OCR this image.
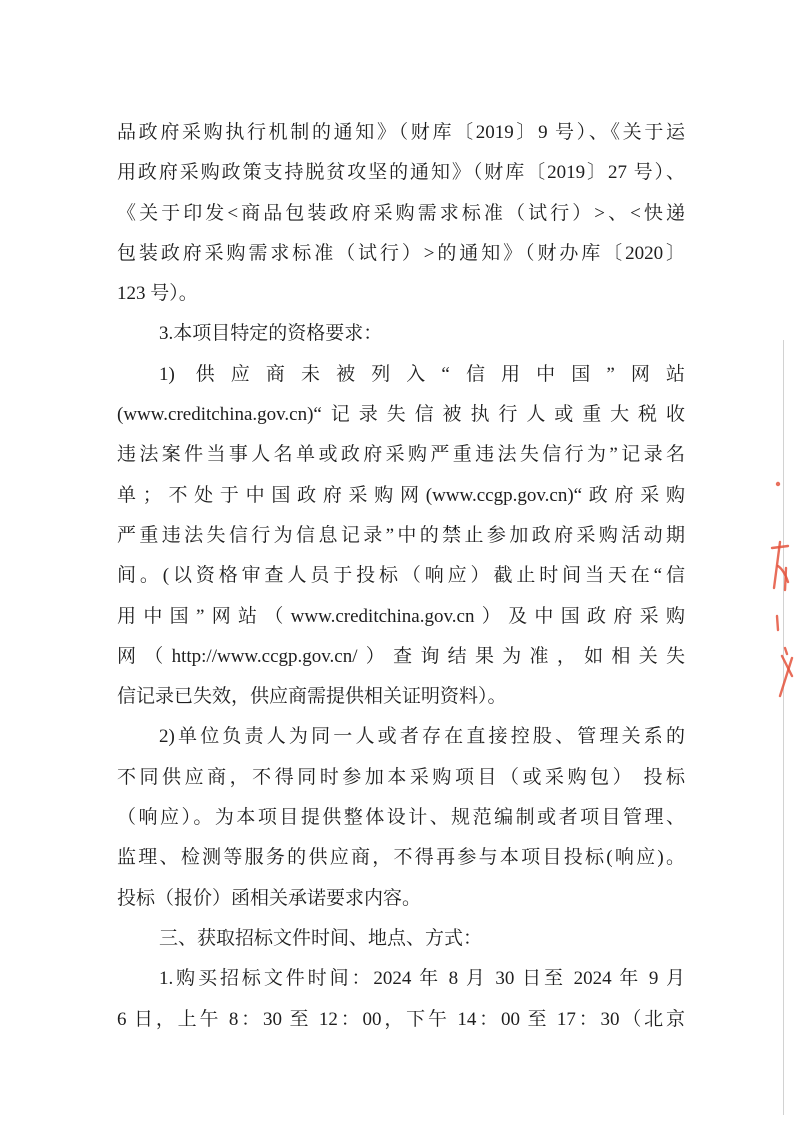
品政府采购执行机制的通知》（财库〔2019〕9 号）、《关于运
用政府采购政策支持脱贫攻坚的通知》（财库〔2019〕27 号）、
《关于印发<商品包装政府采购需求标准（试行）>、<快递
包装政府采购需求标准（试行）>的通知》（财办库〔2020〕
123 号）。
3.本项目特定的资格要求：
1) 供应商未被列入“信用中国”网站
(www.creditchina.gov.cn)“记录失信被执行人或重大税收
违法案件当事人名单或政府采购严重违法失信行为”记录名
单；不处于中国政府采购网(www.ccgp.gov.cn)“政府采购
严重违法失信行为信息记录”中的禁止参加政府采购活动期
间。(以资格审查人员于投标（响应）截止时间当天在“信
用中国”网站（www.creditchina.gov.cn）及中国政府采购
网（http://www.ccgp.gov.cn/）查询结果为准，如相关失
信记录已失效，供应商需提供相关证明资料）。
2)单位负责人为同一人或者存在直接控股、管理关系的
不同供应商，不得同时参加本采购项目（或采购包） 投标
（响应）。为本项目提供整体设计、规范编制或者项目管理、
监理、检测等服务的供应商，不得再参与本项目投标(响应)。
投标（报价）函相关承诺要求内容。
三、获取招标文件时间、地点、方式：
1.购买招标文件时间：2024 年 8 月 30 日至 2024 年 9 月
6 日，上午 8：30 至 12：00，下午 14：00 至 17：30（北京
